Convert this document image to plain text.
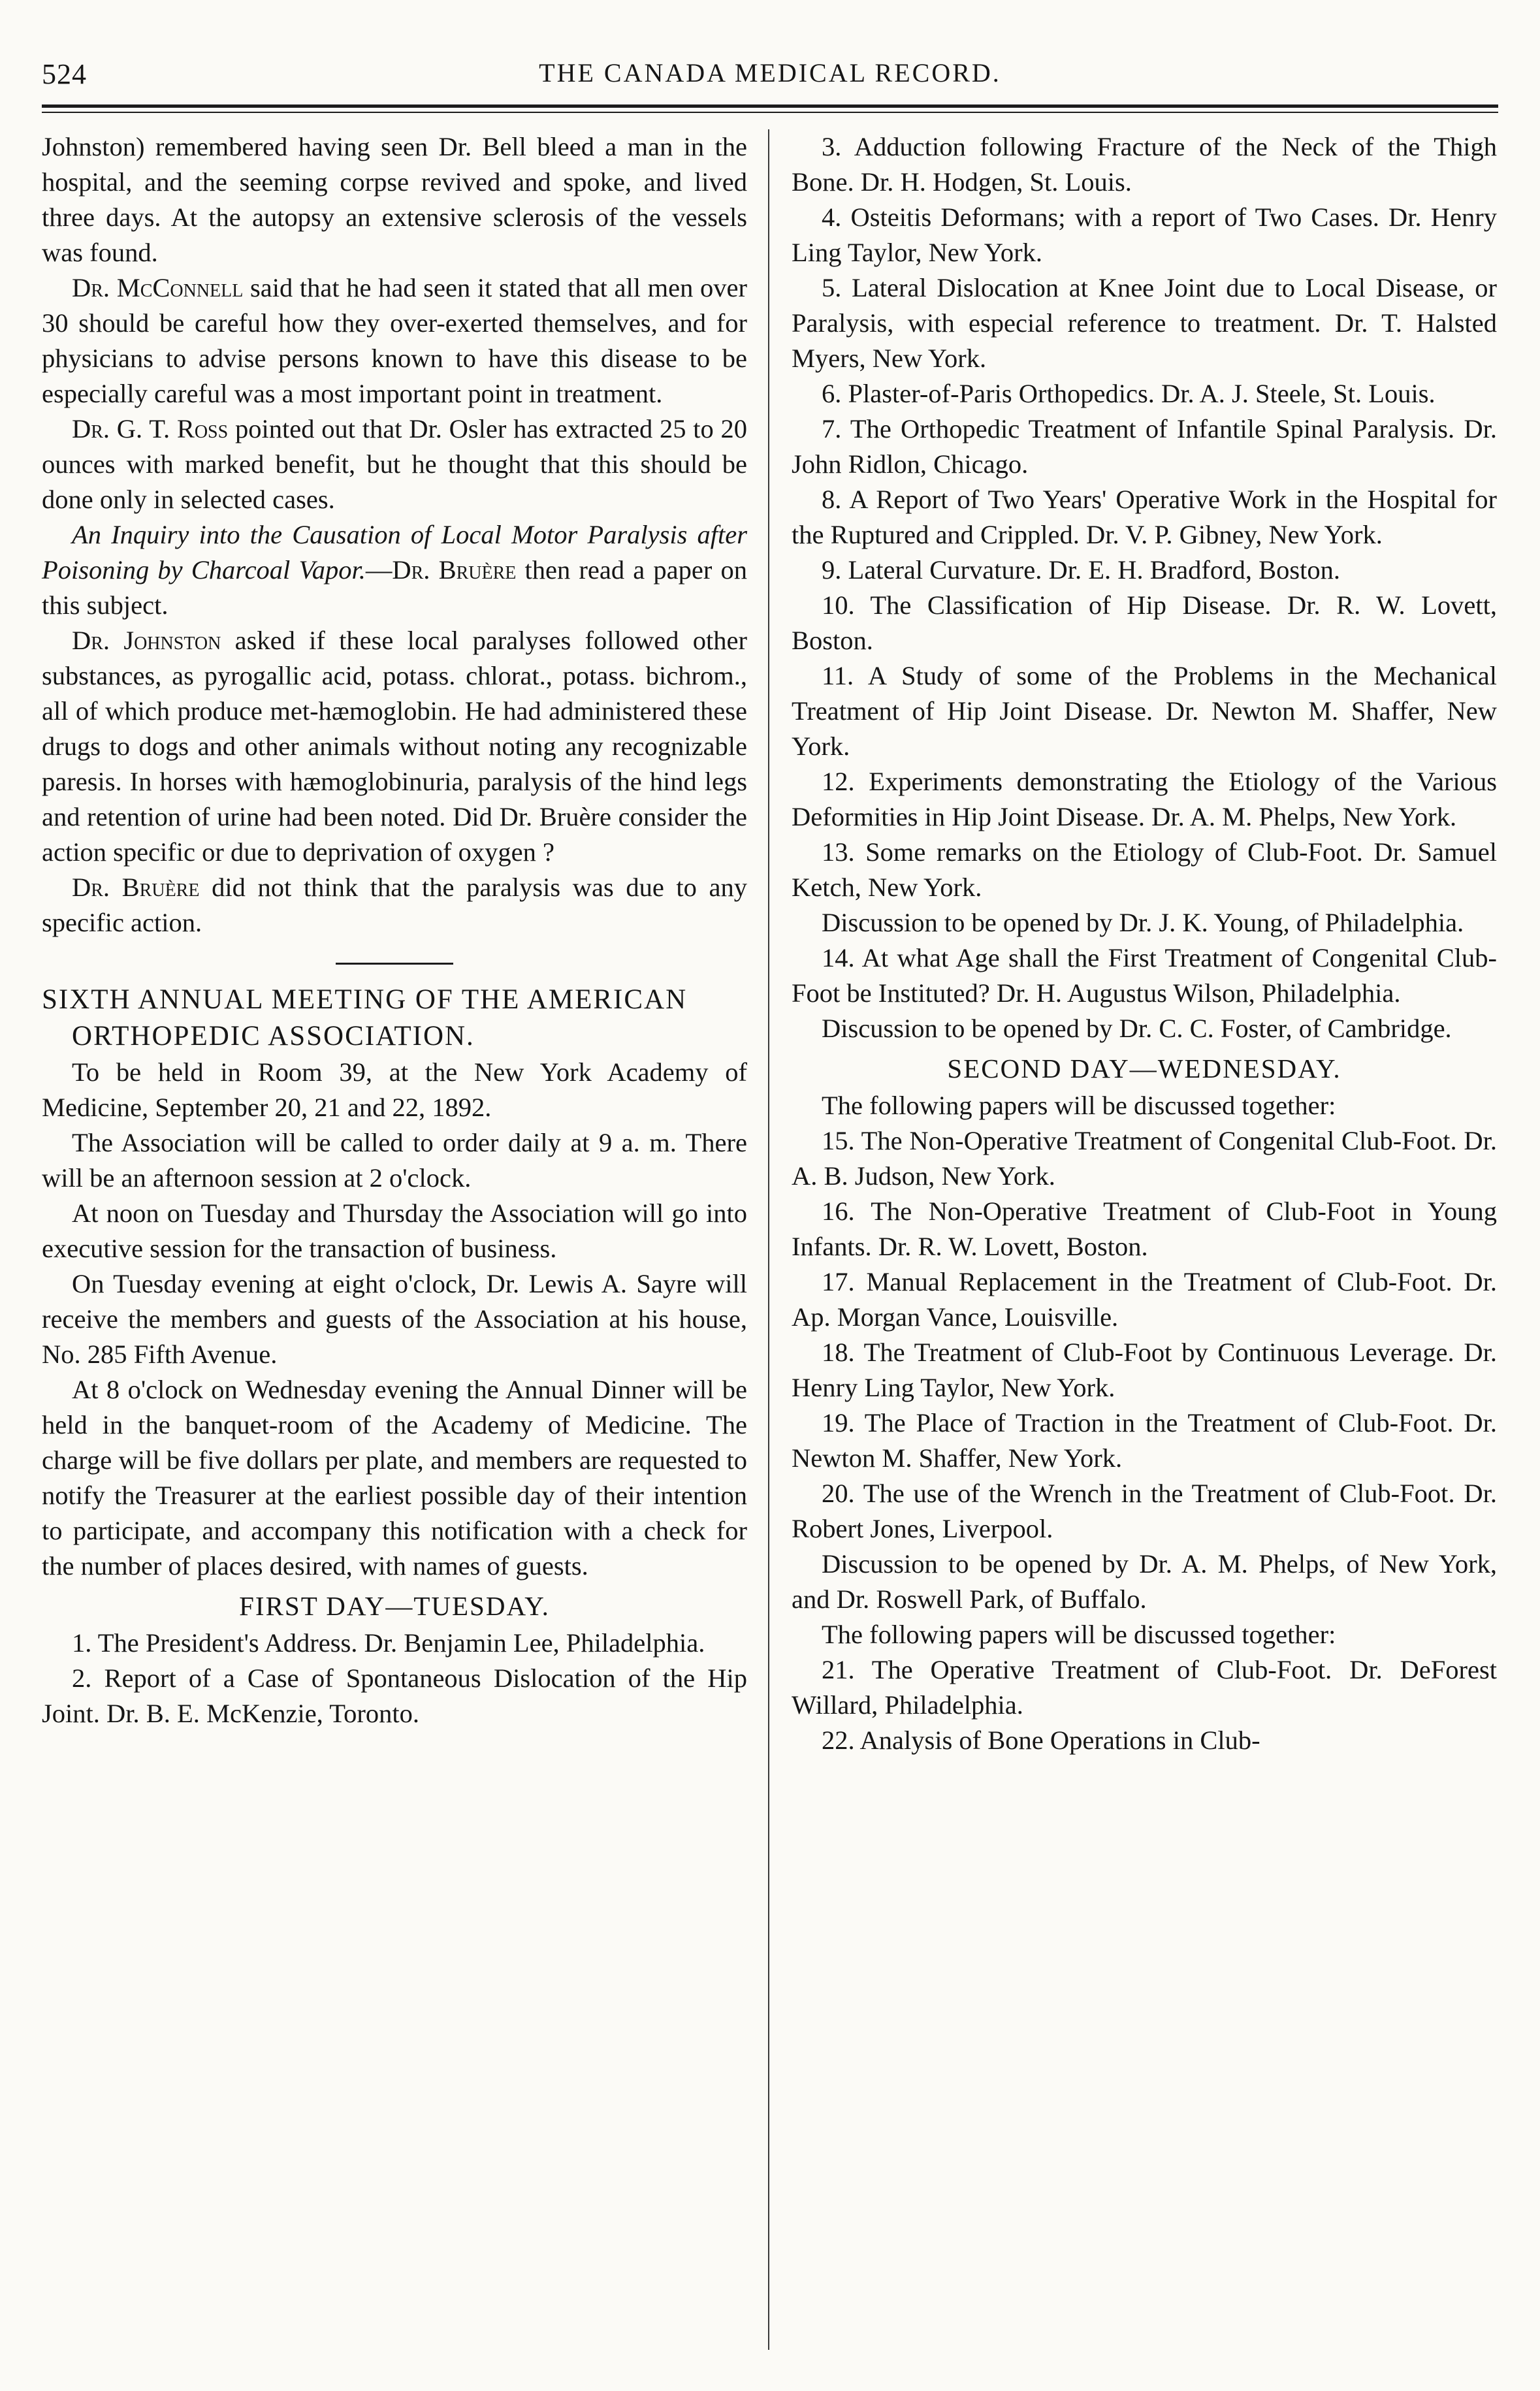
524	THE CANADA MEDICAL RECORD.

Johnston) remembered having seen Dr. Bell bleed a man in the hospital, and the seeming corpse revived and spoke, and lived three days. At the autopsy an extensive sclerosis of the vessels was found.

Dr. McConnell said that he had seen it stated that all men over 30 should be careful how they over-exerted themselves, and for physicians to advise persons known to have this disease to be especially careful was a most important point in treatment.

Dr. G. T. Ross pointed out that Dr. Osler has extracted 25 to 20 ounces with marked benefit, but he thought that this should be done only in selected cases.

An Inquiry into the Causation of Local Motor Paralysis after Poisoning by Charcoal Vapor.—Dr. Bruère then read a paper on this subject.

Dr. Johnston asked if these local paralyses followed other substances, as pyrogallic acid, potass. chlorat., potass. bichrom., all of which produce met-hæmoglobin. He had administered these drugs to dogs and other animals without noting any recognizable paresis. In horses with hæmoglobinuria, paralysis of the hind legs and retention of urine had been noted. Did Dr. Bruère consider the action specific or due to deprivation of oxygen ?

Dr. Bruère did not think that the paralysis was due to any specific action.

SIXTH ANNUAL MEETING OF THE AMERICAN ORTHOPEDIC ASSOCIATION.

To be held in Room 39, at the New York Academy of Medicine, September 20, 21 and 22, 1892.

The Association will be called to order daily at 9 a. m. There will be an afternoon session at 2 o'clock.

At noon on Tuesday and Thursday the Association will go into executive session for the transaction of business.

On Tuesday evening at eight o'clock, Dr. Lewis A. Sayre will receive the members and guests of the Association at his house, No. 285 Fifth Avenue.

At 8 o'clock on Wednesday evening the Annual Dinner will be held in the banquet-room of the Academy of Medicine. The charge will be five dollars per plate, and members are requested to notify the Treasurer at the earliest possible day of their intention to participate, and accompany this notification with a check for the number of places desired, with names of guests.

FIRST DAY—TUESDAY.

1. The President's Address. Dr. Benjamin Lee, Philadelphia.

2. Report of a Case of Spontaneous Dislocation of the Hip Joint. Dr. B. E. McKenzie, Toronto.

3. Adduction following Fracture of the Neck of the Thigh Bone. Dr. H. Hodgen, St. Louis.

4. Osteitis Deformans; with a report of Two Cases. Dr. Henry Ling Taylor, New York.

5. Lateral Dislocation at Knee Joint due to Local Disease, or Paralysis, with especial reference to treatment. Dr. T. Halsted Myers, New York.

6. Plaster-of-Paris Orthopedics. Dr. A. J. Steele, St. Louis.

7. The Orthopedic Treatment of Infantile Spinal Paralysis. Dr. John Ridlon, Chicago.

8. A Report of Two Years' Operative Work in the Hospital for the Ruptured and Crippled. Dr. V. P. Gibney, New York.

9. Lateral Curvature. Dr. E. H. Bradford, Boston.

10. The Classification of Hip Disease. Dr. R. W. Lovett, Boston.

11. A Study of some of the Problems in the Mechanical Treatment of Hip Joint Disease. Dr. Newton M. Shaffer, New York.

12. Experiments demonstrating the Etiology of the Various Deformities in Hip Joint Disease. Dr. A. M. Phelps, New York.

13. Some remarks on the Etiology of Club-Foot. Dr. Samuel Ketch, New York.

Discussion to be opened by Dr. J. K. Young, of Philadelphia.

14. At what Age shall the First Treatment of Congenital Club-Foot be Instituted? Dr. H. Augustus Wilson, Philadelphia.

Discussion to be opened by Dr. C. C. Foster, of Cambridge.

SECOND DAY—WEDNESDAY.

The following papers will be discussed together:

15. The Non-Operative Treatment of Congenital Club-Foot. Dr. A. B. Judson, New York.

16. The Non-Operative Treatment of Club-Foot in Young Infants. Dr. R. W. Lovett, Boston.

17. Manual Replacement in the Treatment of Club-Foot. Dr. Ap. Morgan Vance, Louisville.

18. The Treatment of Club-Foot by Continuous Leverage. Dr. Henry Ling Taylor, New York.

19. The Place of Traction in the Treatment of Club-Foot. Dr. Newton M. Shaffer, New York.

20. The use of the Wrench in the Treatment of Club-Foot. Dr. Robert Jones, Liverpool.

Discussion to be opened by Dr. A. M. Phelps, of New York, and Dr. Roswell Park, of Buffalo.

The following papers will be discussed together:

21. The Operative Treatment of Club-Foot. Dr. DeForest Willard, Philadelphia.

22. Analysis of Bone Operations in Club-
